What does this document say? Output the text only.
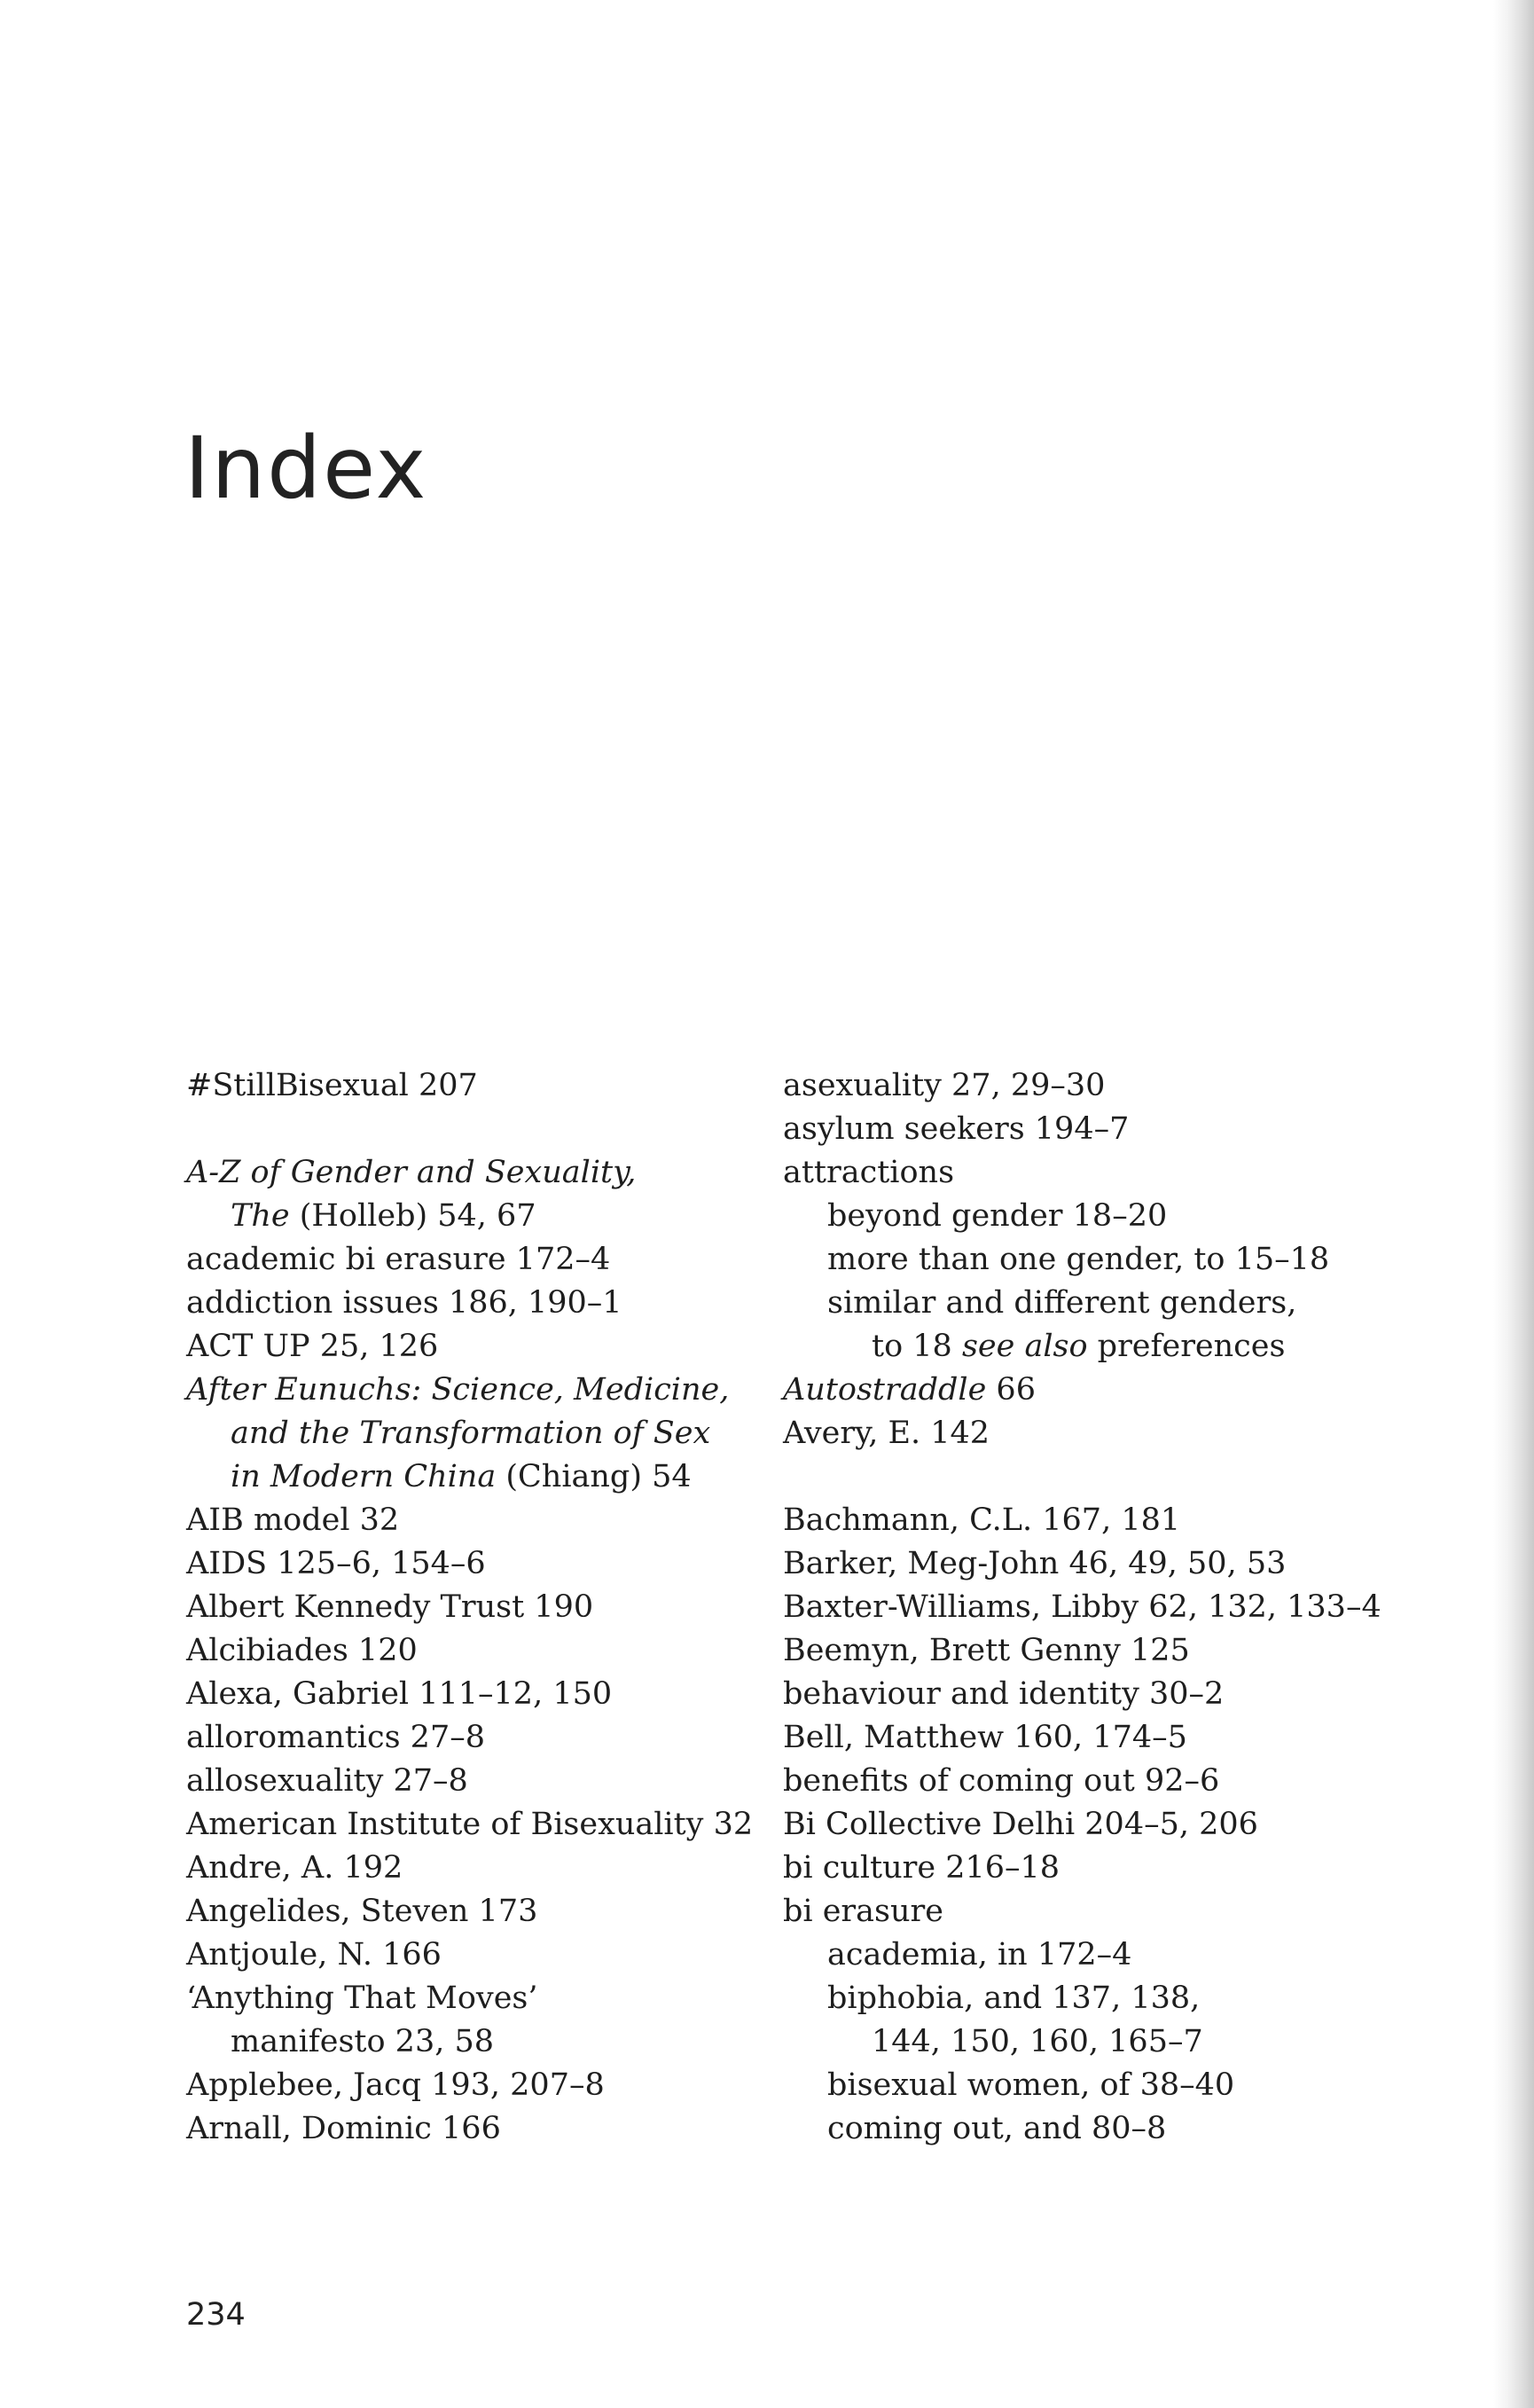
Index
#StillBisexual 207
A-Z of Gender and Sexuality,
The (Holleb) 54, 67
academic bi erasure 172–4
addiction issues 186, 190–1
ACT UP 25, 126
After Eunuchs: Science, Medicine,
and the Transformation of Sex
in Modern China (Chiang) 54
AIB model 32
AIDS 125–6, 154–6
Albert Kennedy Trust 190
Alcibiades 120
Alexa, Gabriel 111–12, 150
alloromantics 27–8
allosexuality 27–8
American Institute of Bisexuality 32
Andre, A. 192
Angelides, Steven 173
Antjoule, N. 166
‘Anything That Moves’
manifesto 23, 58
Applebee, Jacq 193, 207–8
Arnall, Dominic 166
asexuality 27, 29–30
asylum seekers 194–7
attractions
beyond gender 18–20
more than one gender, to 15–18
similar and different genders,
to 18 see also preferences
Autostraddle 66
Avery, E. 142
Bachmann, C.L. 167, 181
Barker, Meg-John 46, 49, 50, 53
Baxter-Williams, Libby 62, 132, 133–4
Beemyn, Brett Genny 125
behaviour and identity 30–2
Bell, Matthew 160, 174–5
benefits of coming out 92–6
Bi Collective Delhi 204–5, 206
bi culture 216–18
bi erasure
academia, in 172–4
biphobia, and 137, 138,
144, 150, 160, 165–7
bisexual women, of 38–40
coming out, and 80–8
234
